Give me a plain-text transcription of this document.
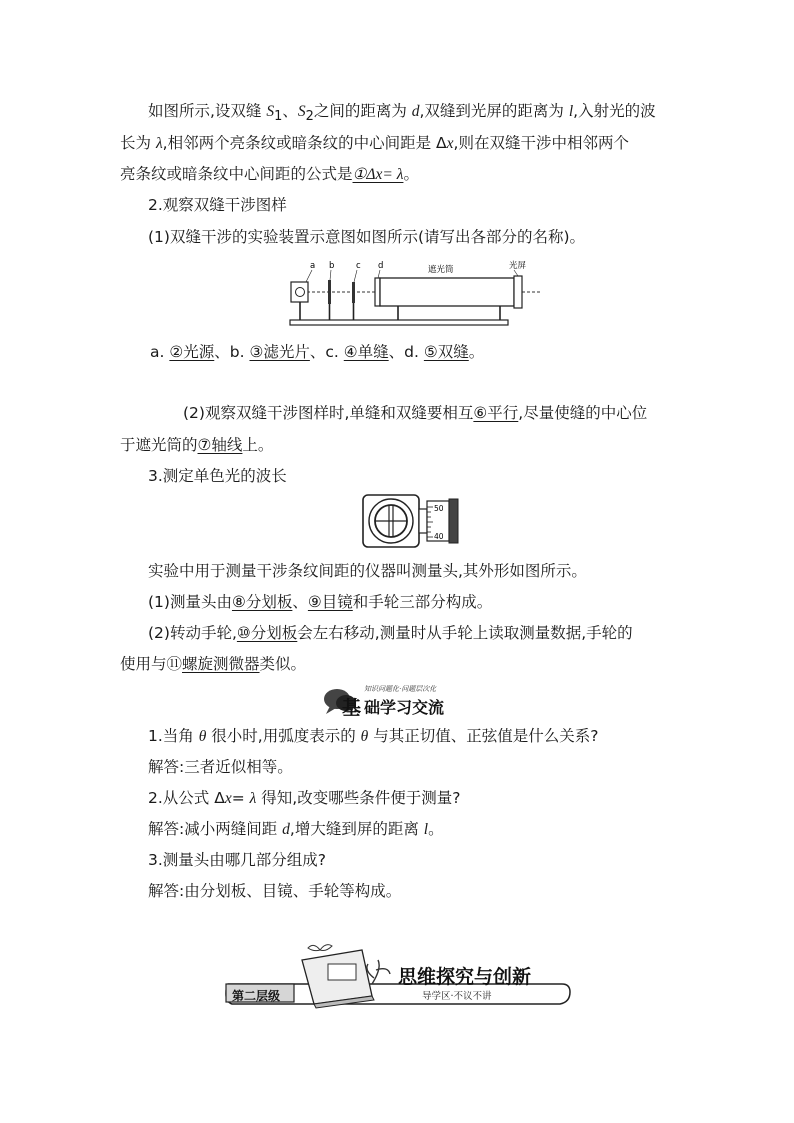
如图所示,设双缝 $S_1$、$S_2$之间的距离为 d,双缝到光屏的距离为 l,入射光的波
长为 λ,相邻两个亮条纹或暗条纹的中心间距是 Δx,则在双缝干涉中相邻两个
亮条纹或暗条纹中心间距的公式是①Δx= λ。
2.观察双缝干涉图样
(1)双缝干涉的实验装置示意图如图所示(请写出各部分的名称)。
a b	c d	遮光筒	光屏
a. ②光源、b. ③滤光片、c. ④单缝、d. ⑤双缝。
(2)观察双缝干涉图样时,单缝和双缝要相互⑥平行,尽量使缝的中心位
于遮光筒的⑦轴线上。
3.测定单色光的波长
50
40
实验中用于测量干涉条纹间距的仪器叫测量头,其外形如图所示。
(1)测量头由⑧分划板、⑨目镜和手轮三部分构成。
(2)转动手轮,⑩分划板会左右移动,测量时从手轮上读取测量数据,手轮的
使用与⑪螺旋测微器类似。
知识问题化·问题层次化
基 础学习交流
1.当角 θ 很小时,用弧度表示的 θ 与其正切值、正弦值是什么关系?
解答:三者近似相等。
2.从公式 Δx= λ 得知,改变哪些条件便于测量?
解答:减小两缝间距 d,增大缝到屏的距离 l。
3.测量头由哪几部分组成?
解答:由分划板、目镜、手轮等构成。
第二层级
思维探究与创新
导学区·不议不讲
